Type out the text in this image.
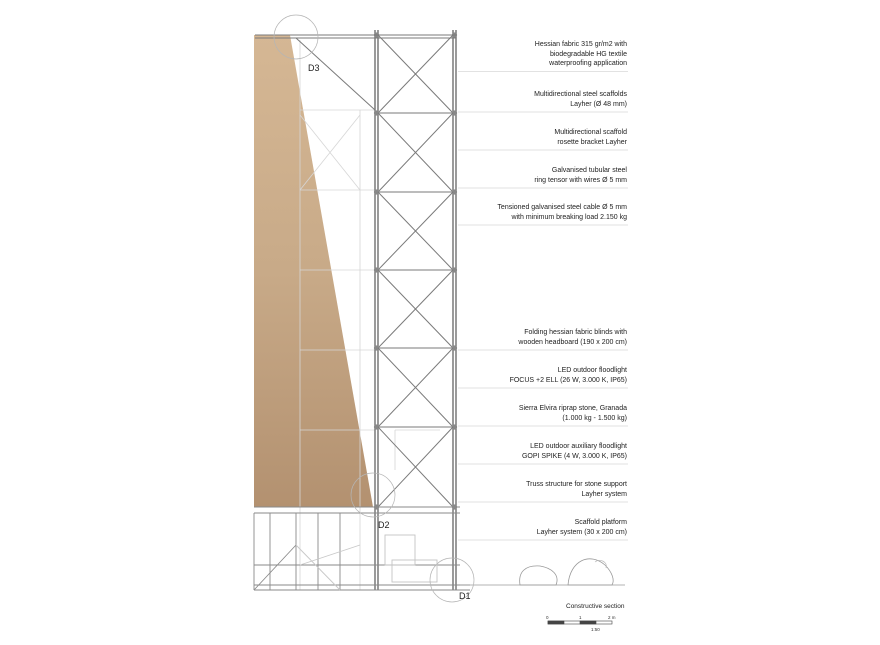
Hessian fabric 315 gr/m2 with
biodegradable HG textile
waterproofing application
Multidirectional steel scaffolds
Layher (Ø 48 mm)
Multidirectional scaffold
rosette bracket Layher
Galvanised tubular steel
ring tensor with wires Ø 5 mm
Tensioned galvanised steel cable Ø 5 mm
with minimum breaking load 2.150 kg
Folding hessian fabric blinds with
wooden headboard (190 x 200 cm)
LED outdoor floodlight
FOCUS +2 ELL (26 W, 3.000 K, IP65)
Sierra Elvira riprap stone, Granada
(1.000 kg - 1.500 kg)
LED outdoor auxiliary floodlight
GOPI SPIKE (4 W, 3.000 K, IP65)
Truss structure for stone support
Layher system
Scaffold platform
Layher system (30 x 200 cm)
D3
D2
D1
Constructive section
0	1	2 m
1:50
